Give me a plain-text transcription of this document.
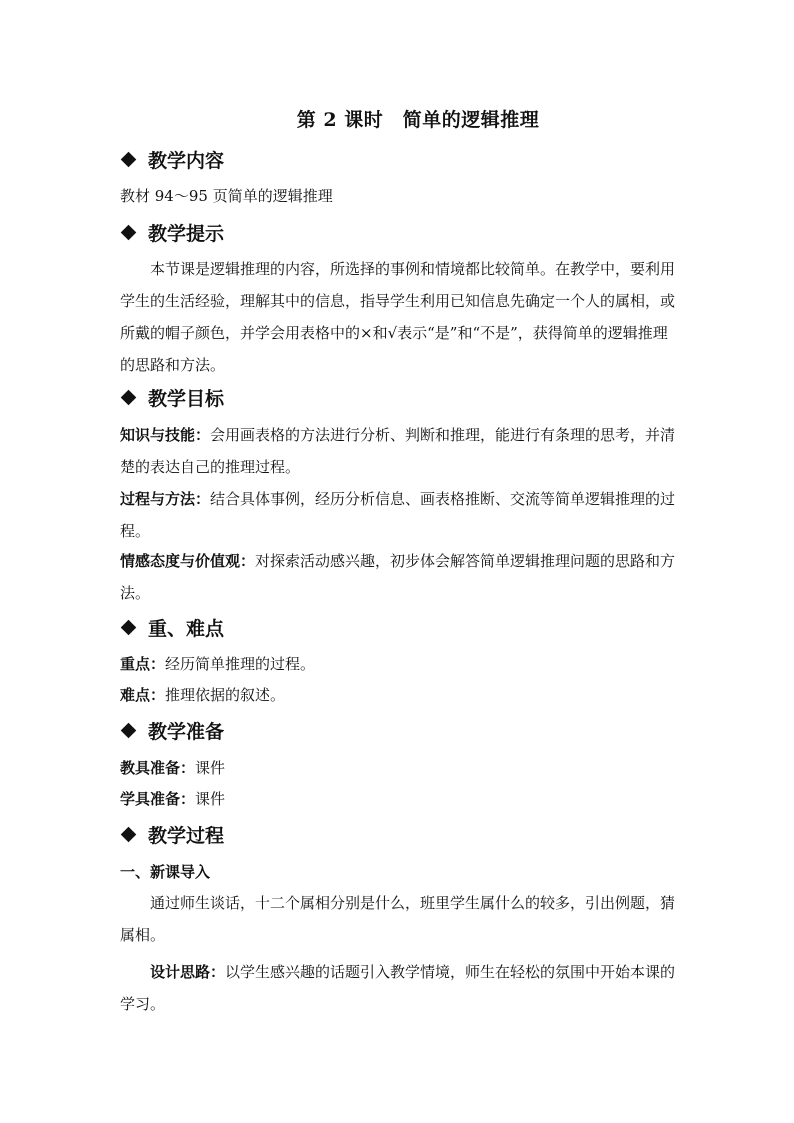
第 2 课时　简单的逻辑推理
教学内容
教材 94～95 页简单的逻辑推理
教学提示
本节课是逻辑推理的内容，所选择的事例和情境都比较简单。在教学中，要利用学生的生活经验，理解其中的信息，指导学生利用已知信息先确定一个人的属相，或所戴的帽子颜色，并学会用表格中的×和√表示“是”和“不是”，获得简单的逻辑推理的思路和方法。
教学目标
知识与技能：会用画表格的方法进行分析、判断和推理，能进行有条理的思考，并清楚的表达自己的推理过程。
过程与方法：结合具体事例，经历分析信息、画表格推断、交流等简单逻辑推理的过程。
情感态度与价值观：对探索活动感兴趣，初步体会解答简单逻辑推理问题的思路和方法。
重、难点
重点：经历简单推理的过程。
难点：推理依据的叙述。
教学准备
教具准备：课件
学具准备：课件
教学过程
一、新课导入
通过师生谈话，十二个属相分别是什么，班里学生属什么的较多，引出例题，猜属相。
设计思路：以学生感兴趣的话题引入教学情境，师生在轻松的氛围中开始本课的学习。
